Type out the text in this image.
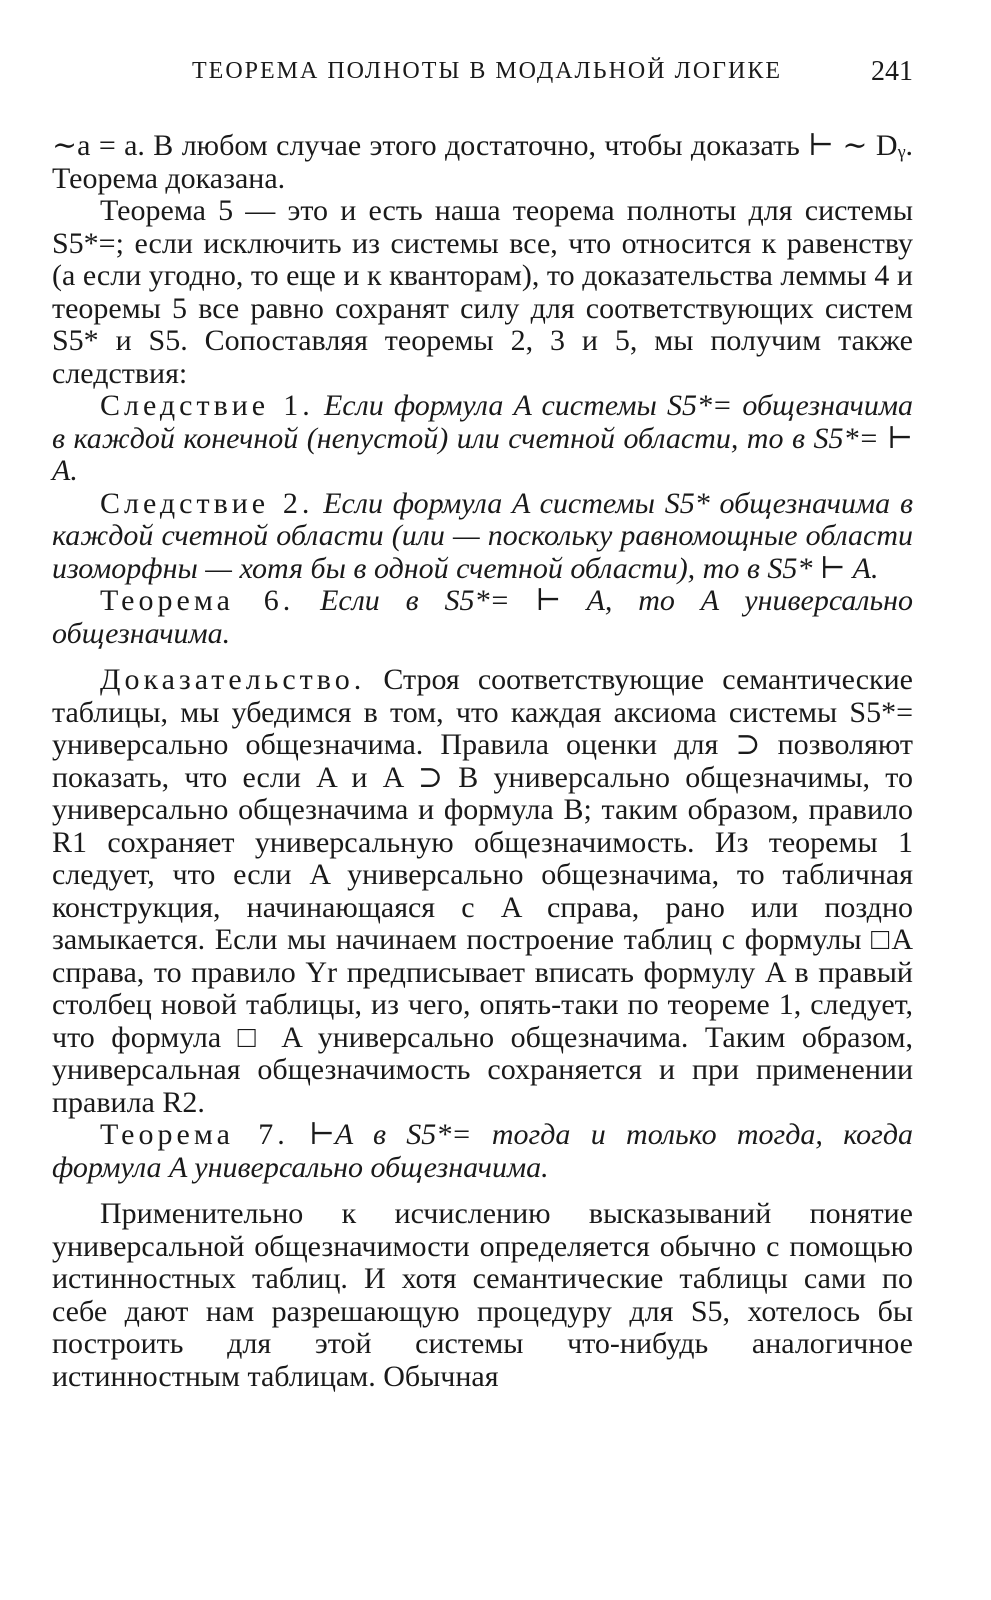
ТЕОРЕМА ПОЛНОТЫ В МОДАЛЬНОЙ ЛОГИКЕ	241

∼a = a. В любом случае этого достаточно, чтобы доказать ⊢ ∼ Dᵧ. Теорема доказана.

Теорема 5 — это и есть наша теорема полноты для системы S5*=; если исключить из системы все, что относится к равенству (а если угодно, то еще и к кванторам), то доказательства леммы 4 и теоремы 5 все равно сохранят силу для соответствующих систем S5* и S5. Сопоставляя теоремы 2, 3 и 5, мы получим также следствия:

Следствие 1. Если формула A системы S5*= общезначима в каждой конечной (непустой) или счетной области, то в S5*= ⊢ A.

Следствие 2. Если формула A системы S5* общезначима в каждой счетной области (или — поскольку равномощные области изоморфны — хотя бы в одной счетной области), то в S5* ⊢ A.

Теорема 6. Если в S5*= ⊢ A, то A универсально общезначима.

Доказательство. Строя соответствующие семантические таблицы, мы убедимся в том, что каждая аксиома системы S5*= универсально общезначима. Правила оценки для ⊃ позволяют показать, что если A и A ⊃ B универсально общезначимы, то универсально общезначима и формула B; таким образом, правило R1 сохраняет универсальную общезначимость. Из теоремы 1 следует, что если A универсально общезначима, то табличная конструкция, начинающаяся с A справа, рано или поздно замыкается. Если мы начинаем построение таблиц с формулы □A справа, то правило Yr предписывает вписать формулу A в правый столбец новой таблицы, из чего, опять-таки по теореме 1, следует, что формула □ A универсально общезначима. Таким образом, универсальная общезначимость сохраняется и при применении правила R2.

Теорема 7. ⊢A в S5*= тогда и только тогда, когда формула A универсально общезначима.

Применительно к исчислению высказываний понятие универсальной общезначимости определяется обычно с помощью истинностных таблиц. И хотя семантические таблицы сами по себе дают нам разрешающую процедуру для S5, хотелось бы построить для этой системы что-нибудь аналогичное истинностным таблицам. Обычная
